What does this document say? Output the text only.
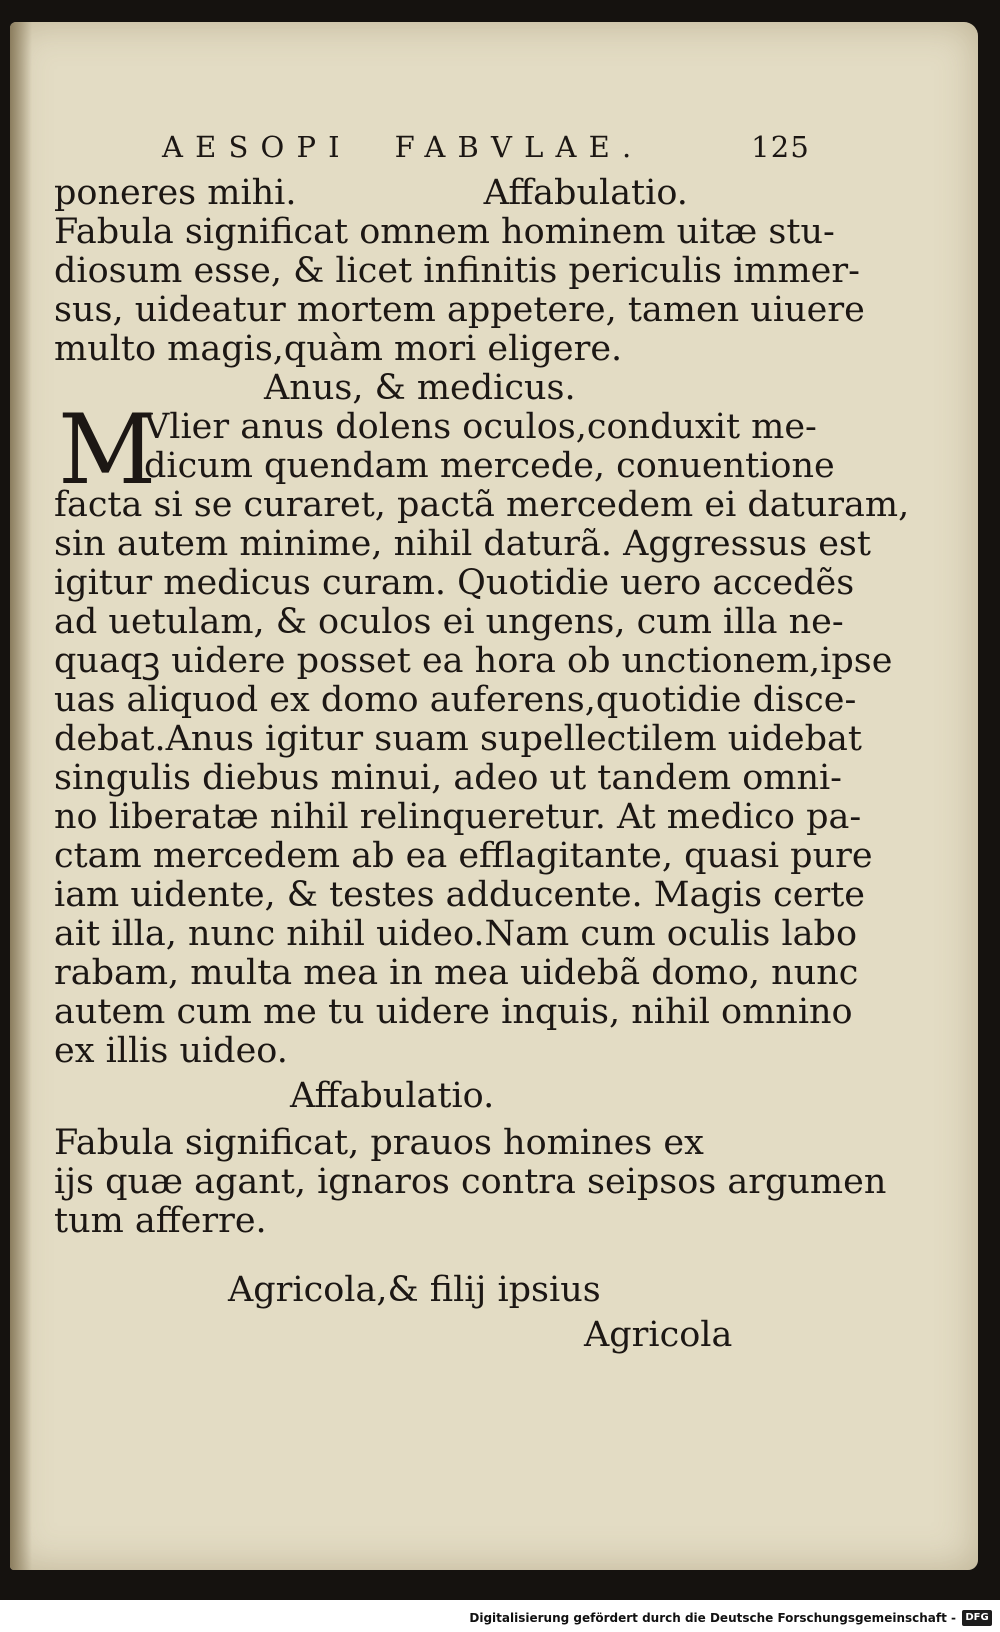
AESOPI  FABVLAE.	125
poneres mihi.	Affabulatio.
Fabula significat omnem hominem uitæ stu-
diosum esse, & licet infinitis periculis immer-
sus, uideatur mortem appetere, tamen uiuere
multo magis,quàm mori eligere.
Anus, & medicus.
M
Vlier anus dolens oculos,conduxit me-
dicum quendam mercede, conuentione
facta si se curaret, pactã mercedem ei daturam,
sin autem minime, nihil daturã. Aggressus est
igitur medicus curam. Quotidie uero accedẽs
ad uetulam, & oculos ei ungens, cum illa ne-
quaqꝫ uidere posset ea hora ob unctionem,ipse
uas aliquod ex domo auferens,quotidie disce-
debat.Anus igitur suam supellectilem uidebat
singulis diebus minui, adeo ut tandem omni-
no liberatæ nihil relinqueretur. At medico pa-
ctam mercedem ab ea efflagitante, quasi pure
iam uidente, & testes adducente. Magis certe
ait illa, nunc nihil uideo.Nam cum oculis labo
rabam, multa mea in mea uidebã domo, nunc
autem cum me tu uidere inquis, nihil omnino
ex illis uideo.
Affabulatio.
Fabula significat, prauos homines ex
ijs quæ agant, ignaros contra seipsos argumen
tum afferre.
Agricola,& filij ipsius
Agricola
Digitalisierung gefördert durch die Deutsche Forschungsgemeinschaft - DFG
